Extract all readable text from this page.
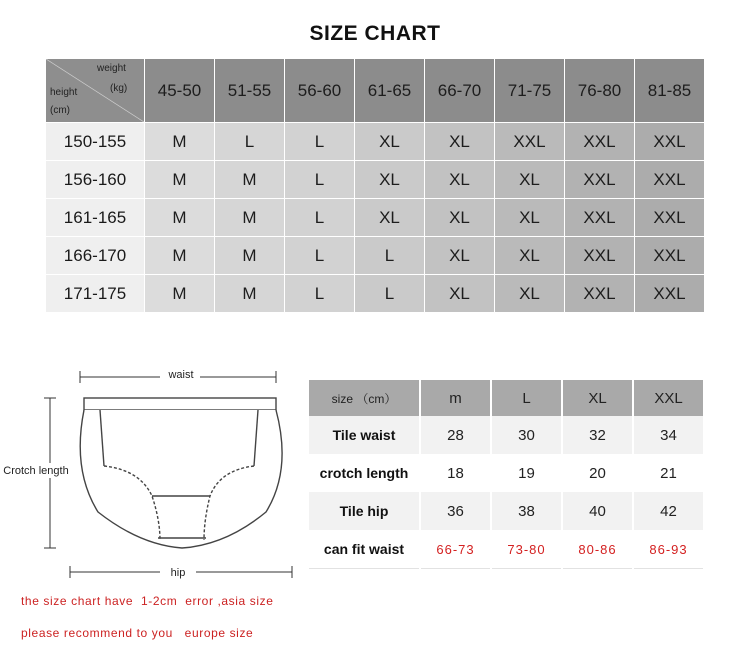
SIZE CHART
weight
(kg)
height
(cm)	45-50	51-55	56-60	61-65	66-70	71-75	76-80	81-85
150-155	M	L	L	XL	XL	XXL	XXL	XXL
156-160	M	M	L	XL	XL	XL	XXL	XXL
161-165	M	M	L	XL	XL	XL	XXL	XXL
166-170	M	M	L	L	XL	XL	XXL	XXL
171-175	M	M	L	L	XL	XL	XXL	XXL
waist
Crotch length
hip
size （cm）	m	L	XL	XXL
Tile waist	28	30	32	34
crotch length	18	19	20	21
Tile hip	36	38	40	42
can fit waist	66-73	73-80	80-86	86-93
the size chart have  1-2cm  error ,asia size
please recommend to you   europe size
